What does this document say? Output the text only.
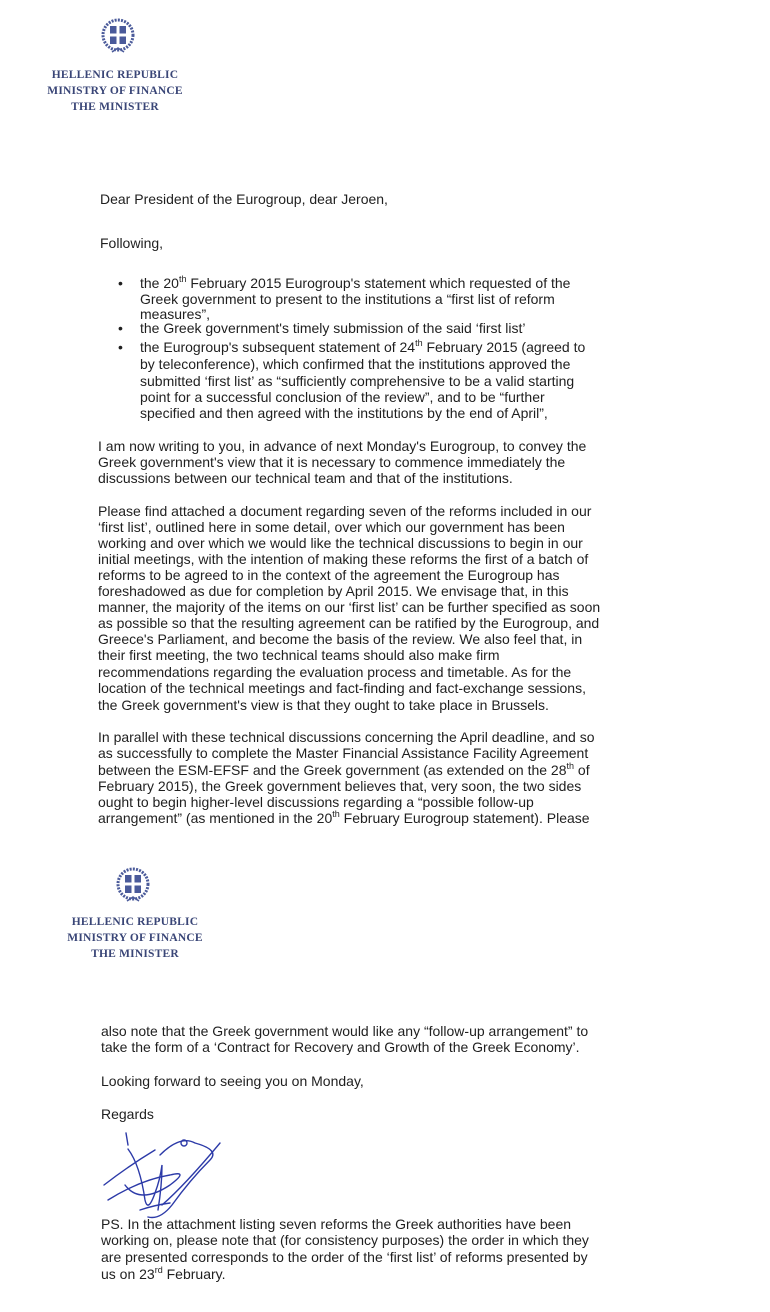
HELLENIC REPUBLIC
MINISTRY OF FINANCE
THE MINISTER
Dear President of the Eurogroup, dear Jeroen,
Following,
• the 20th February 2015 Eurogroup's statement which requested of the
Greek government to present to the institutions a “first list of reform
measures”,
• the Greek government's timely submission of the said ‘first list’
• the Eurogroup's subsequent statement of 24th February 2015 (agreed to
by teleconference), which confirmed that the institutions approved the
submitted ‘first list’ as “sufficiently comprehensive to be a valid starting
point for a successful conclusion of the review”, and to be “further
specified and then agreed with the institutions by the end of April”,
I am now writing to you, in advance of next Monday's Eurogroup, to convey the
Greek government's view that it is necessary to commence immediately the
discussions between our technical team and that of the institutions.
Please find attached a document regarding seven of the reforms included in our
‘first list’, outlined here in some detail, over which our government has been
working and over which we would like the technical discussions to begin in our
initial meetings, with the intention of making these reforms the first of a batch of
reforms to be agreed to in the context of the agreement the Eurogroup has
foreshadowed as due for completion by April 2015. We envisage that, in this
manner, the majority of the items on our ‘first list’ can be further specified as soon
as possible so that the resulting agreement can be ratified by the Eurogroup, and
Greece's Parliament, and become the basis of the review. We also feel that, in
their first meeting, the two technical teams should also make firm
recommendations regarding the evaluation process and timetable. As for the
location of the technical meetings and fact-finding and fact-exchange sessions,
the Greek government's view is that they ought to take place in Brussels.
In parallel with these technical discussions concerning the April deadline, and so
as successfully to complete the Master Financial Assistance Facility Agreement
between the ESM-EFSF and the Greek government (as extended on the 28th of
February 2015), the Greek government believes that, very soon, the two sides
ought to begin higher-level discussions regarding a “possible follow-up
arrangement” (as mentioned in the 20th February Eurogroup statement). Please
HELLENIC REPUBLIC
MINISTRY OF FINANCE
THE MINISTER
also note that the Greek government would like any “follow-up arrangement” to
take the form of a ‘Contract for Recovery and Growth of the Greek Economy’.
Looking forward to seeing you on Monday,
Regards
PS. In the attachment listing seven reforms the Greek authorities have been
working on, please note that (for consistency purposes) the order in which they
are presented corresponds to the order of the ‘first list’ of reforms presented by
us on 23rd February.
